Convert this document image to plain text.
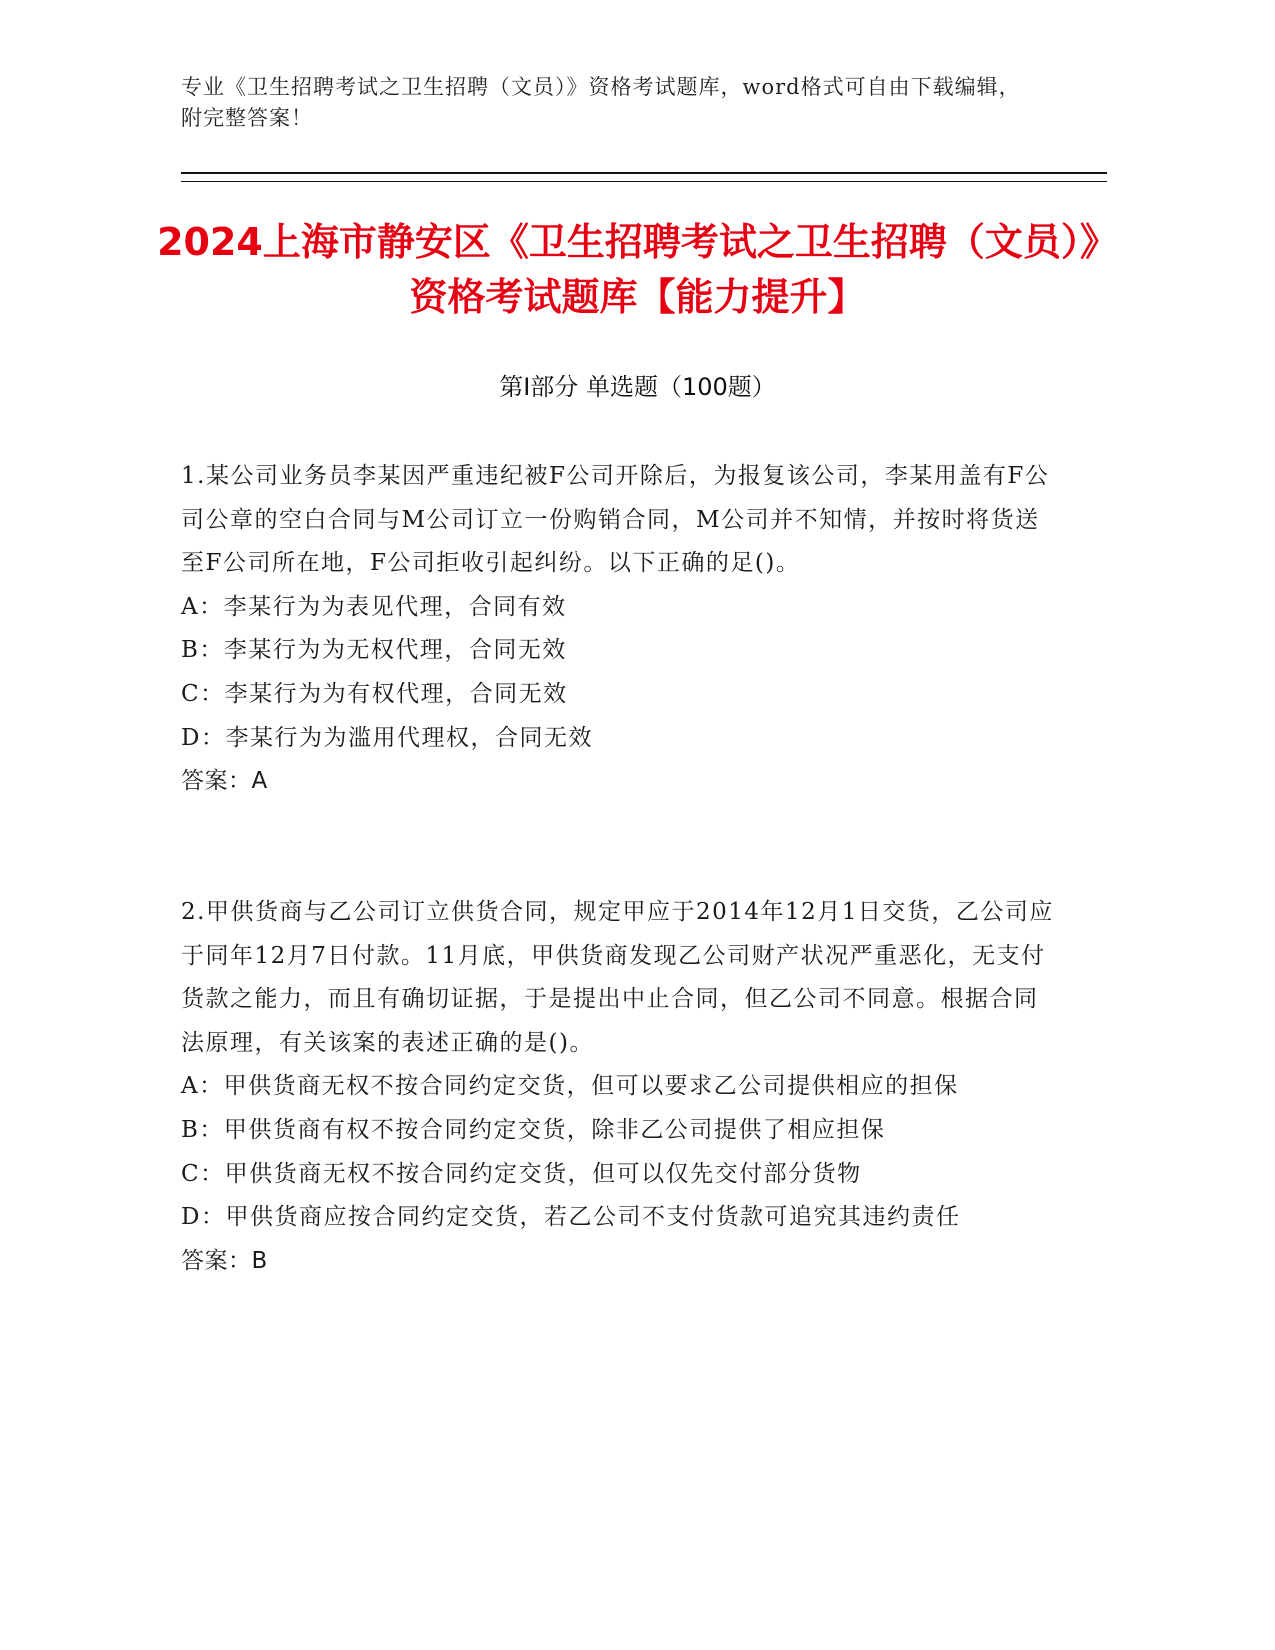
专业《卫生招聘考试之卫生招聘（文员）》资格考试题库，word格式可自由下载编辑，附完整答案！
2024上海市静安区《卫生招聘考试之卫生招聘（文员）》资格考试题库【能力提升】
第Ⅰ部分 单选题（100题）

1.某公司业务员李某因严重违纪被F公司开除后，为报复该公司，李某用盖有F公司公章的空白合同与M公司订立一份购销合同，M公司并不知情，并按时将货送至F公司所在地，F公司拒收引起纠纷。以下正确的足()。

A：李某行为为表见代理，合同有效

B：李某行为为无权代理，合同无效

C：李某行为为有权代理，合同无效

D：李某行为为滥用代理权，合同无效

答案：A

2.甲供货商与乙公司订立供货合同，规定甲应于2014年12月1日交货，乙公司应于同年12月7日付款。11月底，甲供货商发现乙公司财产状况严重恶化，无支付货款之能力，而且有确切证据，于是提出中止合同，但乙公司不同意。根据合同法原理，有关该案的表述正确的是()。

A：甲供货商无权不按合同约定交货，但可以要求乙公司提供相应的担保

B：甲供货商有权不按合同约定交货，除非乙公司提供了相应担保

C：甲供货商无权不按合同约定交货，但可以仅先交付部分货物

D：甲供货商应按合同约定交货，若乙公司不支付货款可追究其违约责任

答案：B
